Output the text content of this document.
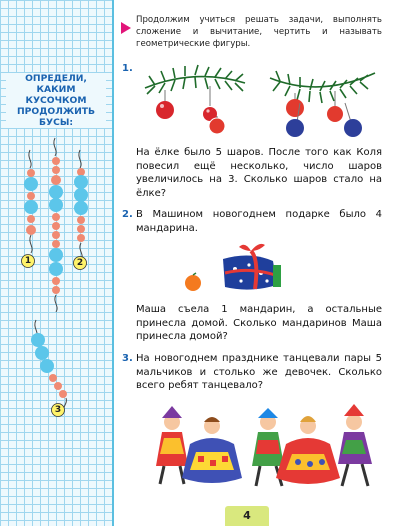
ОПРЕДЕЛИ, КАКИМ КУСОЧКОМ ПРОДОЛЖИТЬ БУСЫ:
1	2
3
Продолжим учиться решать задачи, выполнять сложение и вычитание, чертить и называть геометрические фигуры.
1.
На ёлке было 5 шаров. После того как Коля повесил ещё несколько, число шаров увеличилось на 3. Сколько шаров стало на ёлке?
2. В Машином новогоднем подарке было 4 мандарина.
Маша съела 1 мандарин, а остальные принесла домой. Сколько мандаринов Маша принесла домой?
3. На новогоднем празднике танцевали пары 5 мальчиков и столько же девочек. Сколько всего ребят танцевало?
4
